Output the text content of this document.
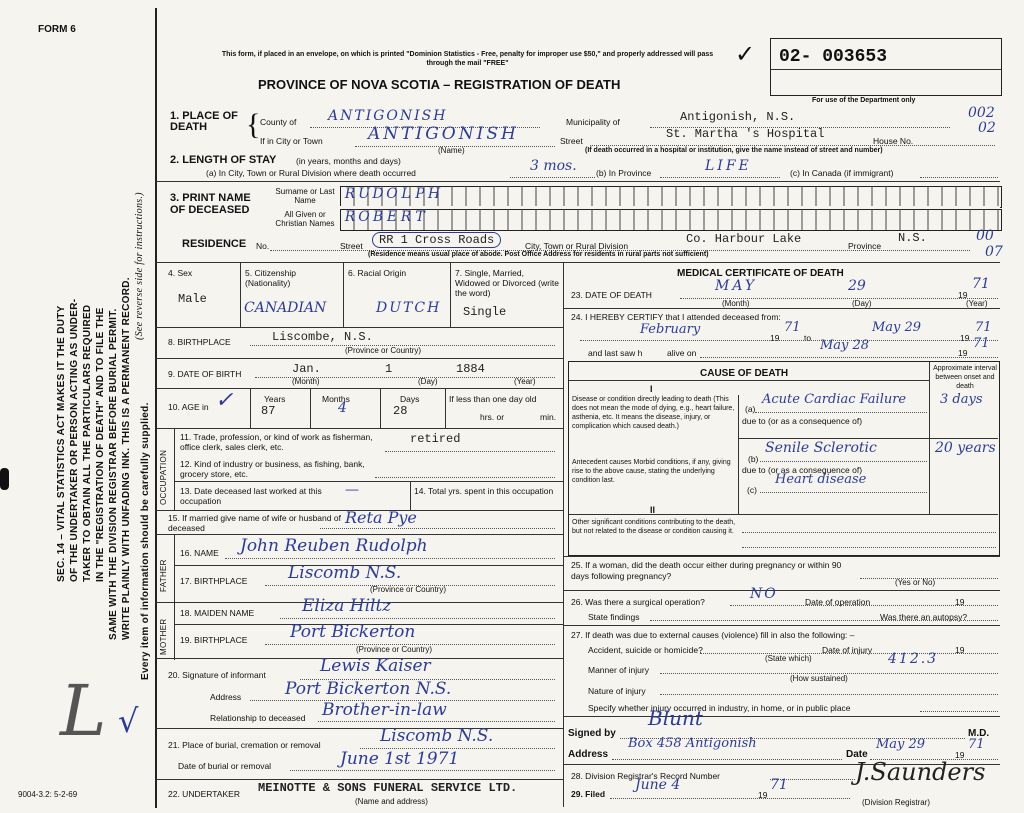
FORM 6
SEC. 14 – VITAL STATISTICS ACT MAKES IT THE DUTY OF THE UNDERTAKER OR PERSON ACTING AS UNDER- TAKER TO OBTAIN ALL THE PARTICULARS REQUIRED IN THE "REGISTRATION OF DEATH" AND TO FILE THE SAME WITH THE DIVISION REGISTRAR BEFORE BURIAL PERMIT. WRITE PLAINLY WITH UNFADING INK. THIS IS A PERMANENT RECORD.
(See reverse side for instructions.)
Every item of information should be carefully supplied.
L √
9004-3.2: 5-2-69
This form, if placed in an envelope, on which is printed "Dominion Statistics - Free, penalty for improper use $50," and properly addressed will pass through the mail "FREE"
PROVINCE OF NOVA SCOTIA – REGISTRATION OF DEATH
✓ 02- 003653
For use of the Department only
1. PLACE OF DEATH	{ County of ANTIGONISH	Municipality of	Antigonish, N.S.	002
If in City or Town	ANTIGONISH
(Name)
Street	St. Martha 's Hospital	House No.
02
(If death occurred in a hospital or institution, give the name instead of street and number)
2. LENGTH OF STAY (in years, months and days)
(a) In City, Town or Rural Division where death occurred	3 mos. (b) In Province	LIFE	(c) In Canada (if immigrant)
3. PRINT NAME OF DECEASED
Surname or Last Name
All Given or Christian Names
R U D O L P H
R O B E R T
RESIDENCE No.	Street	RR 1 Cross Roads	City, Town or Rural Division	Co. Harbour Lake	Province
N.S.	00
07
(Residence means usual place of abode. Post Office Address for residents in rural parts not sufficient)
4. Sex
Male
5. Citizenship (Nationality)
CANADIAN
6. Racial Origin
DUTCH
7. Single, Married, Widowed or Divorced (write the word)
Single
8. BIRTHPLACE	Liscombe, N.S.
(Province or Country)
9. DATE OF BIRTH	Jan.	1	1884
(Month)	(Day)	(Year)
10. AGE in ✓	Years
87
Months
4
Days
28
If less than one day old
hrs. or	min.
OCCUPATION
11. Trade, profession, or kind of work as fisherman, office clerk, sales clerk, etc.
retired
12. Kind of industry or business, as fishing, bank, grocery store, etc.
13. Date deceased last worked at this occupation
—	14. Total yrs. spent in this occupation
15. If married give name of wife or husband of deceased
Reta Pye
FATHER
16. NAME John Reuben Rudolph
17. BIRTHPLACE Liscomb N.S.
(Province or Country)
MOTHER
18. MAIDEN NAME	Eliza Hiltz
19. BIRTHPLACE	Port Bickerton
(Province or Country)
20. Signature of informant	Lewis Kaiser
Address	Port Bickerton N.S.
Relationship to deceased Brother-in-law
21. Place of burial, cremation or removal	Liscomb N.S.
Date of burial or removal	June 1st 1971
22. UNDERTAKER MEINOTTE & SONS FUNERAL SERVICE LTD.
(Name and address)
MEDICAL CERTIFICATE OF DEATH
23. DATE OF DEATH
MAY	29
19
71
(Month)	(Day)	(Year)
24. I HEREBY CERTIFY that I attended deceased from:
February
19
71
to
May 29
19
71
and last saw h	alive on	May 28	19
71
CAUSE OF DEATH	Approximate interval between onset and death
I
Disease or condition directly leading to death (This does not mean the mode of dying, e.g., heart failure, asthenia, etc. It means the disease, injury, or complication which caused death.)
(a)
Acute Cardiac Failure	3 days
due to (or as a consequence of)
Antecedent causes Morbid conditions, if any, giving rise to the above cause, stating the underlying condition last.
(b)
Senile Sclerotic	20 years
due to (or as a consequence of)
(c)
Heart disease
II
Other significant conditions contributing to the death, but not related to the disease or condition causing it.
25. If a woman, did the death occur either during pregnancy or within 90 days following pregnancy?
(Yes or No)
26. Was there a surgical operation?	NO	Date of operation	19
State findings	Was there an autopsy?
27. If death was due to external causes (violence) fill in also the following: –
Accident, suicide or homicide?	Date of injury	19
(State which)	412.3
Manner of injury
(How sustained)
Nature of injury
Specify whether injury occurred in industry, in home, or in public place
Signed by
Blunt
M.D.
Address
Box 458 Antigonish
Date
May 29
19
71
28. Division Registrar's Record Number
29. Filed
June 4
19
71	J.Saunders
(Division Registrar)
